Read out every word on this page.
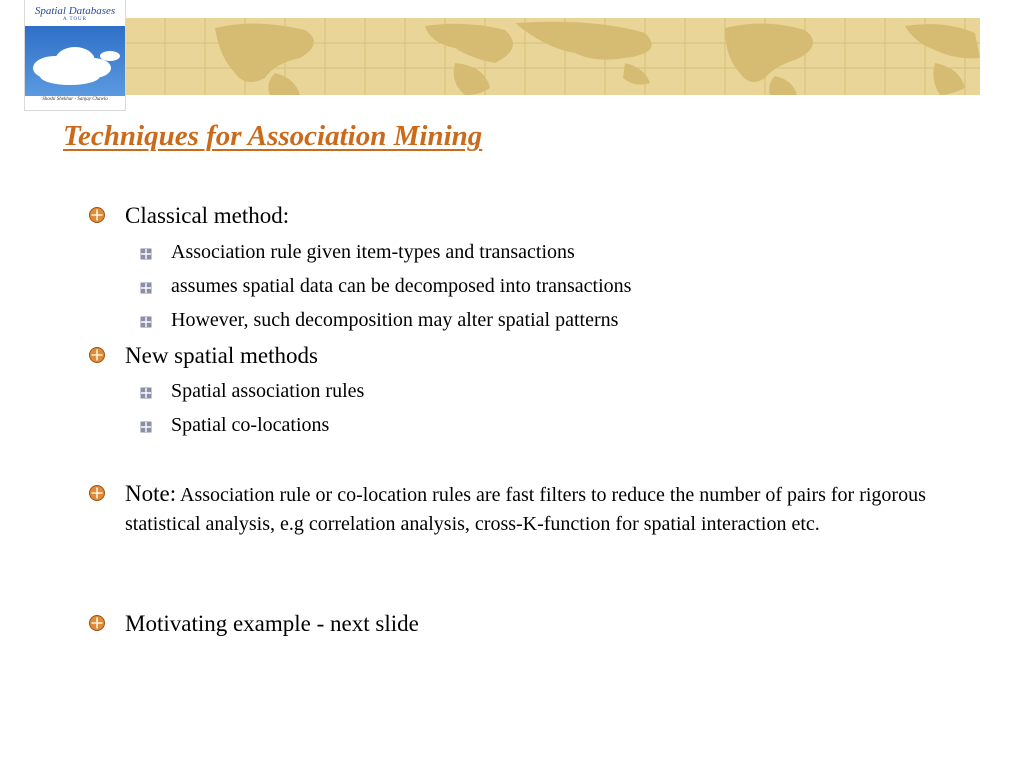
Spatial Databases
A TOUR
Shashi Shekhar - Sanjay Chawla
Techniques for Association Mining
Classical method:
Association rule given item-types and transactions
assumes spatial data can be decomposed into transactions
However, such decomposition may alter spatial patterns
New spatial methods
Spatial association rules
Spatial co-locations
Note: Association rule or co-location rules are fast filters to reduce the number of pairs for rigorous statistical analysis, e.g correlation analysis, cross-K-function for spatial interaction etc.
Motivating example - next slide
